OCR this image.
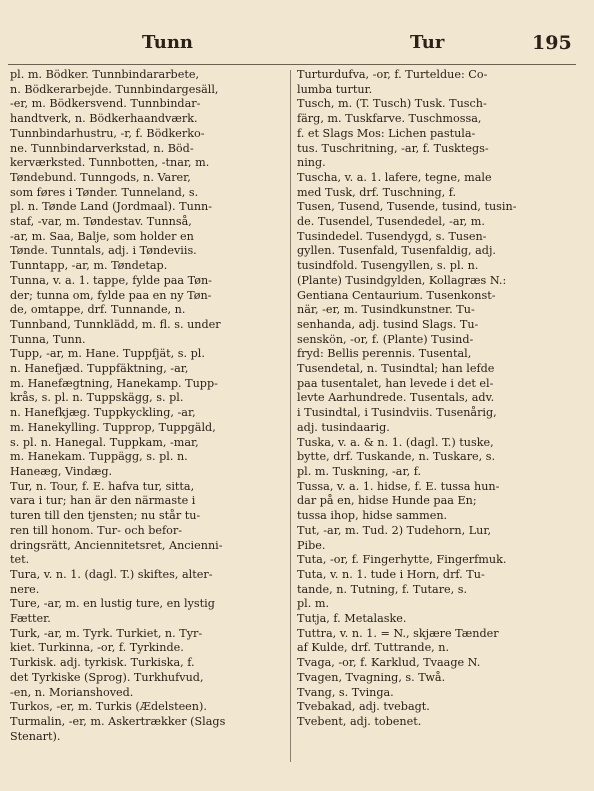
Tunn	Tur	195
pl. m. Bödker. Tunnbindararbete,
n. Bödkerarbejde. Tunnbindargesäll,
-er, m. Bödkersvend. Tunnbindar-
handtverk, n. Bödkerhaandværk.
Tunnbindarhustru, -r, f. Bödkerko-
ne. Tunnbindarverkstad, n. Böd-
kerværksted. Tunnbotten, -tnar, m.
Tøndebund. Tunngods, n. Varer,
som føres i Tønder. Tunneland, s.
pl. n. Tønde Land (Jordmaal). Tunn-
staf, -var, m. Tøndestav. Tunnså,
-ar, m. Saa, Balje, som holder en
Tønde. Tunntals, adj. i Tøndeviis.
Tunntapp, -ar, m. Tøndetap.
Tunna, v. a. 1. tappe, fylde paa Tøn-
der; tunna om, fylde paa en ny Tøn-
de, omtappe, drf. Tunnande, n.
Tunnband, Tunnklädd, m. fl. s. under
Tunna, Tunn.
Tupp, -ar, m. Hane. Tuppfjät, s. pl.
n. Hanefjæd. Tuppfäktning, -ar,
m. Hanefægtning, Hanekamp. Tupp-
krås, s. pl. n. Tuppskägg, s. pl.
n. Hanefkjæg. Tuppkyckling, -ar,
m. Hanekylling. Tupprop, Tuppgäld,
s. pl. n. Hanegal. Tuppkam, -mar,
m. Hanekam. Tuppägg, s. pl. n.
Haneæg, Vindæg.
Tur, n. Tour, f. E. hafva tur, sitta,
vara i tur; han är den närmaste i
turen till den tjensten; nu står tu-
ren till honom. Tur- och befor-
dringsrätt, Anciennitetsret, Ancienni-
tet.
Tura, v. n. 1. (dagl. T.) skiftes, alter-
nere.
Ture, -ar, m. en lustig ture, en lystig
Fætter.
Turk, -ar, m. Tyrk. Turkiet, n. Tyr-
kiet. Turkinna, -or, f. Tyrkinde.
Turkisk. adj. tyrkisk. Turkiska, f.
det Tyrkiske (Sprog). Turkhufvud,
-en, n. Morianshoved.
Turkos, -er, m. Turkis (Ædelsteen).
Turmalin, -er, m. Askertrækker (Slags
Stenart).
Turturdufva, -or, f. Turteldue: Co-
lumba turtur.
Tusch, m. (T. Tusch) Tusk. Tusch-
färg, m. Tuskfarve. Tuschmossa,
f. et Slags Mos: Lichen pastula-
tus. Tuschritning, -ar, f. Tusktegs-
ning.
Tuscha, v. a. 1. lafere, tegne, male
med Tusk, drf. Tuschning, f.
Tusen, Tusend, Tusende, tusind, tusin-
de. Tusendel, Tusendedel, -ar, m.
Tusindedel. Tusendygd, s. Tusen-
gyllen. Tusenfald, Tusenfaldig, adj.
tusindfold. Tusengyllen, s. pl. n.
(Plante) Tusindgylden, Kollagræs N.:
Gentiana Centaurium. Tusenkonst-
när, -er, m. Tusindkunstner. Tu-
senhanda, adj. tusind Slags. Tu-
senskön, -or, f. (Plante) Tusind-
fryd: Bellis perennis. Tusental,
Tusendetal, n. Tusindtal; han lefde
paa tusentalet, han levede i det el-
levte Aarhundrede. Tusentals, adv.
i Tusindtal, i Tusindviis. Tusenårig,
adj. tusindaarig.
Tuska, v. a. & n. 1. (dagl. T.) tuske,
bytte, drf. Tuskande, n. Tuskare, s.
pl. m. Tuskning, -ar, f.
Tussa, v. a. 1. hidse, f. E. tussa hun-
dar på en, hidse Hunde paa En;
tussa ihop, hidse sammen.
Tut, -ar, m. Tud. 2) Tudehorn, Lur,
Pibe.
Tuta, -or, f. Fingerhytte, Fingerfmuk.
Tuta, v. n. 1. tude i Horn, drf. Tu-
tande, n. Tutning, f. Tutare, s.
pl. m.
Tutja, f. Metalaske.
Tuttra, v. n. 1. = N., skjære Tænder
af Kulde, drf. Tuttrande, n.
Tvaga, -or, f. Karklud, Tvaage N.
Tvagen, Tvagning, s. Twå.
Tvang, s. Tvinga.
Tvebakad, adj. tvebagt.
Tvebent, adj. tobenet.
